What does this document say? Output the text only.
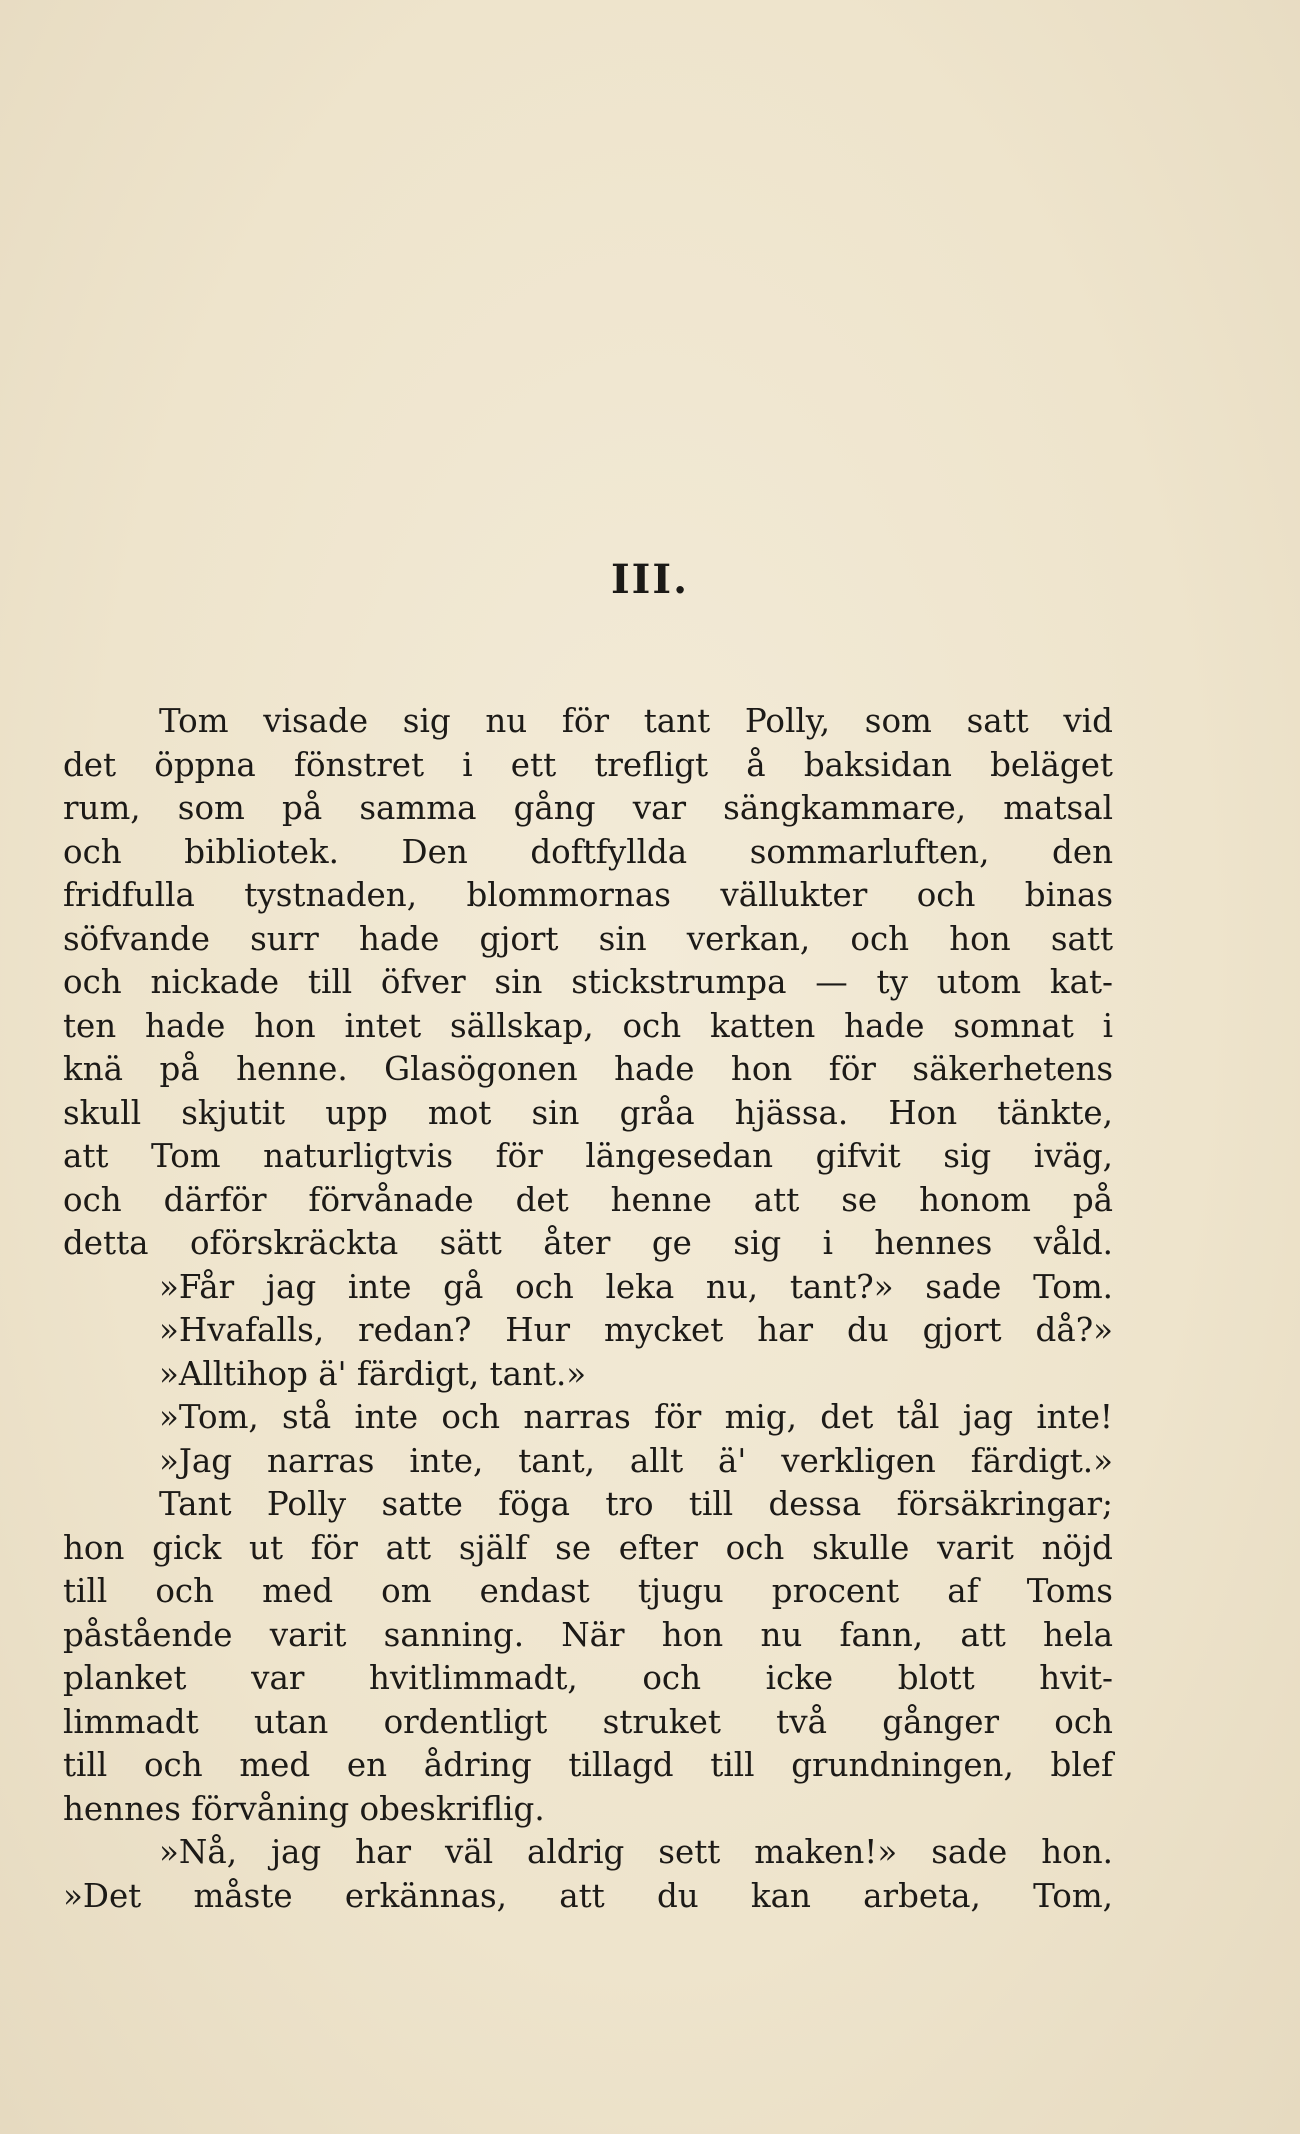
III.
Tom visade sig nu för tant Polly, som satt vid
det öppna fönstret i ett trefligt å baksidan beläget
rum, som på samma gång var sängkammare, matsal
och bibliotek. Den doftfyllda sommarluften, den
fridfulla tystnaden, blommornas vällukter och binas
söfvande surr hade gjort sin verkan, och hon satt
och nickade till öfver sin stickstrumpa — ty utom kat-
ten hade hon intet sällskap, och katten hade somnat i
knä på henne. Glasögonen hade hon för säkerhetens
skull skjutit upp mot sin gråa hjässa. Hon tänkte,
att Tom naturligtvis för längesedan gifvit sig iväg,
och därför förvånade det henne att se honom på
detta oförskräckta sätt åter ge sig i hennes våld.
»Får jag inte gå och leka nu, tant?» sade Tom.
»Hvafalls, redan? Hur mycket har du gjort då?»
»Alltihop ä' färdigt, tant.»
»Tom, stå inte och narras för mig, det tål jag inte!
»Jag narras inte, tant, allt ä' verkligen färdigt.»
Tant Polly satte föga tro till dessa försäkringar;
hon gick ut för att själf se efter och skulle varit nöjd
till och med om endast tjugu procent af Toms
påstående varit sanning. När hon nu fann, att hela
planket var hvitlimmadt, och icke blott hvit-
limmadt utan ordentligt struket två gånger och
till och med en ådring tillagd till grundningen, blef
hennes förvåning obeskriflig.
»Nå, jag har väl aldrig sett maken!» sade hon.
»Det måste erkännas, att du kan arbeta, Tom,
